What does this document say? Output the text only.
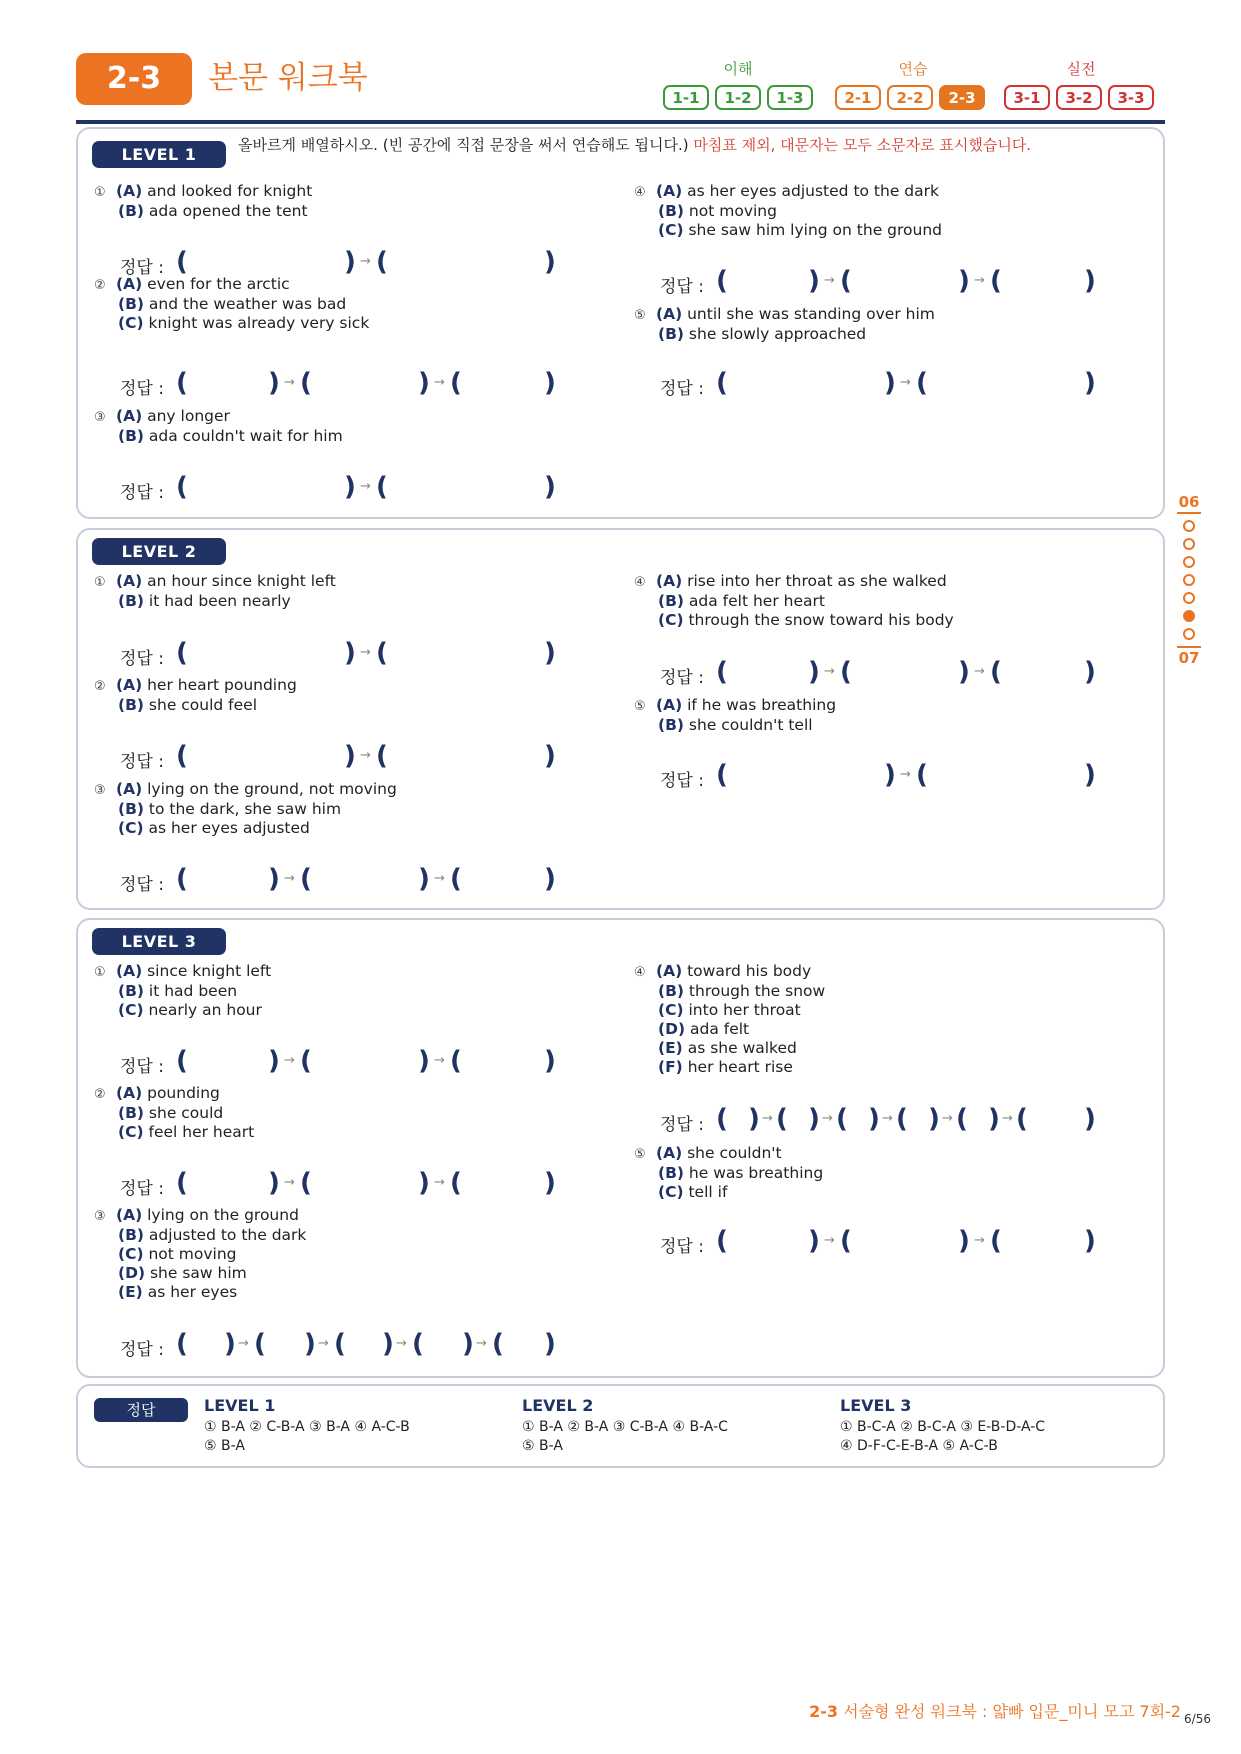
2-3	본문 워크북	이해	연습	실전
1-1	1-2	1-3	2-1	2-2	2-3	3-1	3-2	3-3
LEVEL 1	올바르게 배열하시오. (빈 공간에 직접 문장을 써서 연습해도 됩니다.) 마침표 제외, 대문자는 모두 소문자로 표시했습니다.
① (A) and looked for knight
(B) ada opened the tent
정답 : (	) → (	)
② (A) even for the arctic
(B) and the weather was bad
(C) knight was already very sick
정답 : (	) → (	) → (	)
③ (A) any longer
(B) ada couldn't wait for him
정답 : (	) → (	)
④ (A) as her eyes adjusted to the dark
(B) not moving
(C) she saw him lying on the ground
정답 : (	) → (	) → (	)
⑤ (A) until she was standing over him
(B) she slowly approached
정답 : (	) → (	)
LEVEL 2
① (A) an hour since knight left
(B) it had been nearly
정답 : (	) → (	)
② (A) her heart pounding
(B) she could feel
정답 : (	) → (	)
③ (A) lying on the ground, not moving
(B) to the dark, she saw him
(C) as her eyes adjusted
정답 : (	) → (	) → (	)
④ (A) rise into her throat as she walked
(B) ada felt her heart
(C) through the snow toward his body
정답 : (	) → (	) → (	)
⑤ (A) if he was breathing
(B) she couldn't tell
정답 : (	) → (	)
LEVEL 3
① (A) since knight left
(B) it had been
(C) nearly an hour
정답 : (	) → (	) → (	)
② (A) pounding
(B) she could
(C) feel her heart
정답 : (	) → (	) → (	)
③ (A) lying on the ground
(B) adjusted to the dark
(C) not moving
(D) she saw him
(E) as her eyes
정답 : ( ) → ( ) → ( ) → ( ) → ( )
④ (A) toward his body
(B) through the snow
(C) into her throat
(D) ada felt
(E) as she walked
(F) her heart rise
정답 : ( ) → ( ) → ( ) → ( ) → ( ) → ( )
⑤ (A) she couldn't
(B) he was breathing
(C) tell if
정답 : (	) → (	) → (	)
정답	LEVEL 1
① B-A ② C-B-A ③ B-A ④ A-C-B
⑤ B-A
LEVEL 2
① B-A ② B-A ③ C-B-A ④ B-A-C
⑤ B-A
LEVEL 3
① B-C-A ② B-C-A ③ E-B-D-A-C
④ D-F-C-E-B-A ⑤ A-C-B
06
07
2-3 서술형 완성 워크북 : 얇빠 입문_미니 모고 7회-2 6/56
